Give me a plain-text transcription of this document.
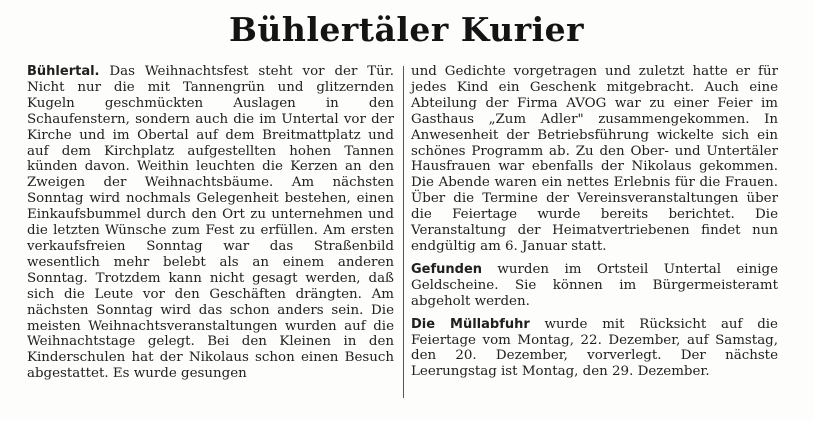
Bühlertäler Kurier

Bühlertal. Das Weihnachtsfest steht vor der Tür. Nicht nur die mit Tannengrün und glitzernden Kugeln geschmückten Auslagen in den Schaufenstern, sondern auch die im Untertal vor der Kirche und im Obertal auf dem Breitmattplatz und auf dem Kirchplatz aufgestellten hohen Tannen künden davon. Weithin leuchten die Kerzen an den Zweigen der Weihnachtsbäume. Am nächsten Sonntag wird nochmals Gelegenheit bestehen, einen Einkaufsbummel durch den Ort zu unternehmen und die letzten Wünsche zum Fest zu erfüllen. Am ersten verkaufsfreien Sonntag war das Straßenbild wesentlich mehr belebt als an einem anderen Sonntag. Trotzdem kann nicht gesagt werden, daß sich die Leute vor den Geschäften drängten. Am nächsten Sonntag wird das schon anders sein. Die meisten Weihnachtsveranstaltungen wurden auf die Weihnachtstage gelegt. Bei den Kleinen in den Kinderschulen hat der Nikolaus schon einen Besuch abgestattet. Es wurde gesungen

und Gedichte vorgetragen und zuletzt hatte er für jedes Kind ein Geschenk mitgebracht. Auch eine Abteilung der Firma AVOG war zu einer Feier im Gasthaus „Zum Adler" zusammengekommen. In Anwesenheit der Betriebsführung wickelte sich ein schönes Programm ab. Zu den Ober- und Untertäler Hausfrauen war ebenfalls der Nikolaus gekommen. Die Abende waren ein nettes Erlebnis für die Frauen. Über die Termine der Vereinsveranstaltungen über die Feiertage wurde bereits berichtet. Die Veranstaltung der Heimatvertriebenen findet nun endgültig am 6. Januar statt.

Gefunden wurden im Ortsteil Untertal einige Geldscheine. Sie können im Bürgermeisteramt abgeholt werden.

Die Müllabfuhr wurde mit Rücksicht auf die Feiertage vom Montag, 22. Dezember, auf Samstag, den 20. Dezember, vorverlegt. Der nächste Leerungstag ist Montag, den 29. Dezember.
